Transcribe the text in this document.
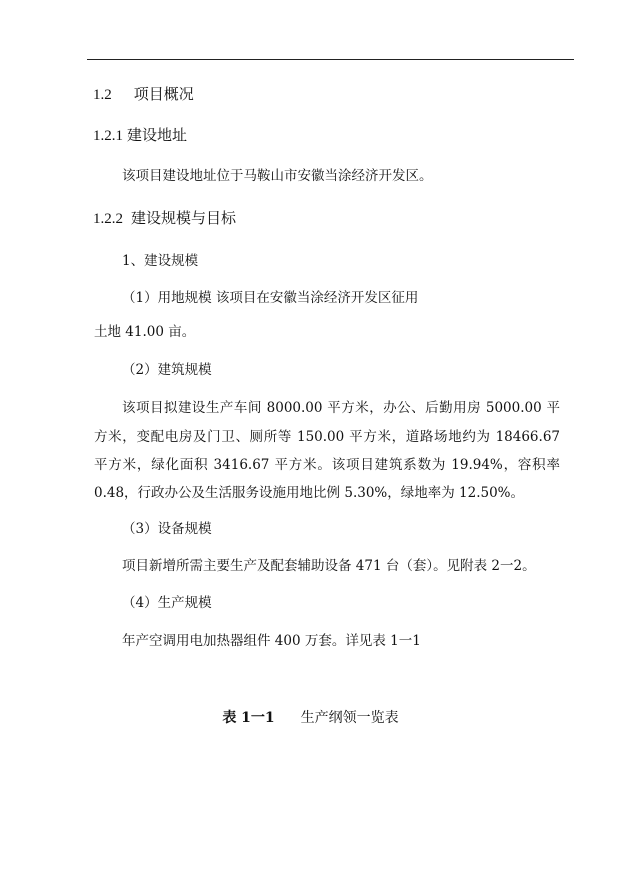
1.2 项目概况
1.2.1 建设地址
该项目建设地址位于马鞍山市安徽当涂经济开发区。
1.2.2 建设规模与目标
1、建设规模
（1）用地规模 该项目在安徽当涂经济开发区征用
土地 41.00 亩。
（2）建筑规模
该项目拟建设生产车间 8000.00 平方米，办公、后勤用房 5000.00 平
方米，变配电房及门卫、厕所等 150.00 平方米，道路场地约为 18466.67
平方米，绿化面积 3416.67 平方米。该项目建筑系数为 19.94%，容积率
0.48，行政办公及生活服务设施用地比例 5.30%，绿地率为 12.50%。
（3）设备规模
项目新增所需主要生产及配套辅助设备 471 台（套）。见附表 2一2。
（4）生产规模
年产空调用电加热器组件 400 万套。详见表 1一1
表 1一1 生产纲领一览表
